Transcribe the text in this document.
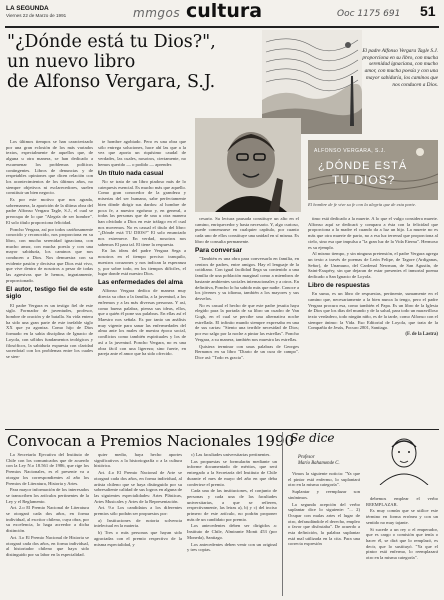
LA SEGUNDA
Viernes 22 de Marzo de 1991	mmgos cultura	Ooc 1175 691 51
"¿Dónde está tu Dios?",
un nuevo libro
de Alfonso Vergara, S.J.
El padre Alfonso Vergara Tagle S.J. proporciona en su libro, con mucha serenidad ignaciana, con mucho amor, con mucha poesía y con una mayor sabiduría, los caminos que nos conducen a Dios.

Los últimos tiempos se han caracterizado por una gran eclosión de los más variados textos, especialmente de aquellos que, de alguna u otra manera, se han dedicado a escarmenar los problemas políticos contingentes. Libros de denuncias y de respetables opiniones que dicen relación con los acontecimientos de los últimos años, no siempre objetivos ni esclarecedores, suelen constituir un bien negocio.

Es por este motivo que nos agrada, sobremanera, la aparición de la última obra del padre Alfonso Vergara Tagle, S.J., el cual se preocupa de lo que "Alegría de ser hombre". El solo título proporciona felicidad.

Poncho Vergara, así por todos cariñosamente conocido y reconocido, nos proporciona en su libro, con mucha serenidad ignaciana, con mucho amor, con mucha poesía y con una mayor sabiduría, los caminos que nos conducen a Dios. Nos demuestra con su evidente pasión y decisiva que Dios está vivo, que vive dentro de nosotros a pesar de todas las agresivas que le hemos, ingratamente, proporcionado.

El autor, testigo fiel de este siglo

El padre Vergara es un testigo fiel de este siglo. Formador de juventudes, profesor, hombre de oración y de batalla. Su vida entera ha sido una gran parte de este inefable siglo XX que ya agoniza. Como hijo de Dios formado en la sabia disciplina de Ignacio de Loyola, con sólidos fundamentos teológicos y filosóficos, la sabiduría expuesta con claridad sacerdotal con los problemas entre los cuales se sien-

te hombre agobiado. Pero es una obra que sólo entrega soluciones, hace ahí las que a la vez que aporta un riquísimo caudal de verdades, las cuales, nosotros, ciertamente, no hemos querido — o podido — aprender.

Un título nada casual

No se trata de un libro piadoso más de lo catequesis esencial. Es mucho más que aquello. Como gran conocedor de la grandeza y miserias del ser humano, sabe perfectamente bien dónde dirigir sus dardos: al hombre de poca fe, a nuestro egoísmo y, en general, a todas las personas que de una u otra manera han olvidado a Dios en este tráfago en el cual nos movemos. No es casual el título del libro: "¿Dónde está TU DIOS?" El solo enunciado nos estremece. En verdad, nosotros nos sabemos El para tal. El tiene la respuesta.

En las ideas del padre Vergara Sega a nosotros en el tiempo preciso: tranquilo, nuestros corazones y nos indican la esperanza y, por sobre todo, en los tiempos difíciles, el lugar donde está nuestro Dios.

Las enfermedades del alma

Alfonso Vergara dedica de manera muy directa su obra a la familia, a la juventud, a los enfermos y a las más diversas personas. Y así, como buena palabra, piensa sus ideas, ellos, que a quién él pone sus palabras. En ellas así el Maestro nos señala. Es por tanto un análisis muy vigente para sanar las enfermedades del alma ante los males de nuestra época social, conflictos como también espirituales y los de así a la juventud. Poncho Vergara, no es una obra fácil con una ligereza; sino fuerte, en pareja ante el amor que ha sido ofrecido.

cesario. Su lectura pausada constituye un alto en el camino, enriquecedor y hasta necesario. Y, algo curioso, puede comenzarse en cualquier capítulo, por cuanto cada uno de ellos constituye una unidad en sí misma. Es libro de consulta permanente.

Para conversar

"También es una obra para conversarla en familia, en centros de padres, entre amigos. Hay el lenguaje de la cotidiano. Con igual facilidad llega su contenido a una familia de una población marginal como a miembros de bastante ambientes sociales internacionales y a otros. En definitiva, Poncho lo ha sabido más que nadie. Conoce a los jóvenes y su idioma, también a los mayores y sus desvelos.

No es casual el hecho de que este padre jesuita haya elegido para la portada de su libro un cuadro de Van Gogh, en el cual se percibe una alternativa noche estrellada. El infinito mundo siempre expresaba en una de sus cartas: "Siento una terrible necesidad de Dios; por eso salgo por la noche a pintar las estrellas". Poncho Vergara, a su manera, también nos muestra las estrellas.

Quisiera terminar con unas palabras de Georges Bernanos en su libro "Diario de un cura de campo". Dice así: "Todo es gracia".

ALFONSO VERGARA, S.J.
¿DÓNDE ESTÁ
TU DIOS?
El hombre de fe vive su fe con la alegría que de esta parte.

timo está dedicado a la muerte. A lo que el vulgo considera muerte. Alfonso aquí se dedicará y compara a ésta con la felicidad que proporciona a la madre el cuando da a luz un hijo. La muerte no es más que otra muerte de parto, no a esa luz terrenal que proporciona al cielo, sino esa que impulsa a "la gran luz de la Vida Eterna". Hermoso es su ejemplo.

Al mismo tiempo, y sin ninguna pretensión, el padre Vergara agrega un texto a través de poemas de León Felipe, de Tagore (Ardiganas, Señor), de Unamuno, del Cardenal Newman, de San Agustín, de Saint-Exupéry, sin que dejaran de estar presentes el inmortal poema dedicado a San Ignacio de Loyola.

Libro de respuestas

En suma, es un libro de respuestas, pertinente, sumamente en el camino que, necesariamente a la bien nunca la tengo, pero el padre Vergara procura esa, como también el Papa. Es un libro de la Iglesia de Dios que los días del mundo y de la salud, para todo un maravilloso texto verdadero, todo ningún niño, es de la tarde, como Alfonso con el siempre ánimo: la Vida. Eso Editorial de Loyola, que trata de la Compañía de Jesús, Pocuro 2801, Santiago.

(F. de la Lastra)
Convocan a Premios Nacionales 1990

La Secretaría Ejecutiva del Instituto de Chile con los comunicados que de acuerdo con la Ley N.o 18.561 de 1986, que rige los Premios Nacionales, es el presente va a otorgar los correspondientes al año los Premios de Literatura, Historia y Artes.

Para mayor información de los interesados se transcriben los artículos pertinentes de la Ley y el Reglamento.

Art. 2.o El Premio Nacional de Literatura se otorgará cada dos años, en forma individual, al escritor chileno, cuya obra, por su excelencia, lo haga acreedor a dicha distinción.

Art. 3.o El Premio Nacional de Historia se otorgará cada dos años, en forma individual, al historiador chileno que haya sido distinguido por su labor en la especialidad.

quier medio, haya hecho aportes significativos a la historiografía o a la cultura histórica.

Art. 4.o El Premio Nacional de Arte se otorgará cada dos años, en forma individual, al artista chileno que se haya distinguido por su sobresaliente calidad de sus logros en alguna de las siguientes especialidades: Artes Plásticas, Artes Musicales y Artes de la Representación.

Art. 9.o Los candidatos a los diferentes premios sólo podrán ser propuestos por:

a) Instituciones de notoria solvencia intelectual en la materia.

b) Tres o más personas que hayan sido agraciadas con el premio respectivo de la misma especialidad, y

c) Las facultades universitarias pertinentes.

Las propuestas se formularán mediante un informe documentado de méritos, que será entregado a la Secretaría del Instituto de Chile durante el mes de mayo del año en que deba conferirse el premio.

Cada una de las instituciones, el conjunto de personas y cada una de las facultades universitarias, a que se refieren, respectivamente, las letras a), b) y c) del inciso primero de este artículo, no podrán proponer más de un candidato por premio.

Los antecedentes deben ser dirigidos a: Instituto de Chile, Almirante Montt 453 (por Moneda), Santiago.

Los antecedentes deben venir con un original y tres copias.

Se dice
Profesor
Mario Bahamonde C.

Vimos la siguiente noticia: "Ya que el pintor está enfermo, lo suplantará otro en la misma categoría".

Suplantar y reemplazar son sinónimos.

La segunda acepción del verbo suplantar dice lo siguiente: "... 2) Ocupar con malas artes el lugar de otro, defraudándole el derecho, empleo o favor que disfrutaba". De acuerdo a esta definición, la palabra suplantar está mal utilizada en la cita. Para una correcta expresión

debemos emplear el verbo REEMPLAZAR.

Es muy común que se utilice este término en forma errónea y con un sentido no muy tajante.

Si sucede a un rey o el emperador, que es cargo o comisión que tenía o hacer él, se dirá que lo remplazó, es decir, que lo sustituyó. "Ya que el pintor está enfermo, lo reemplazará otro en la misma categoría".
